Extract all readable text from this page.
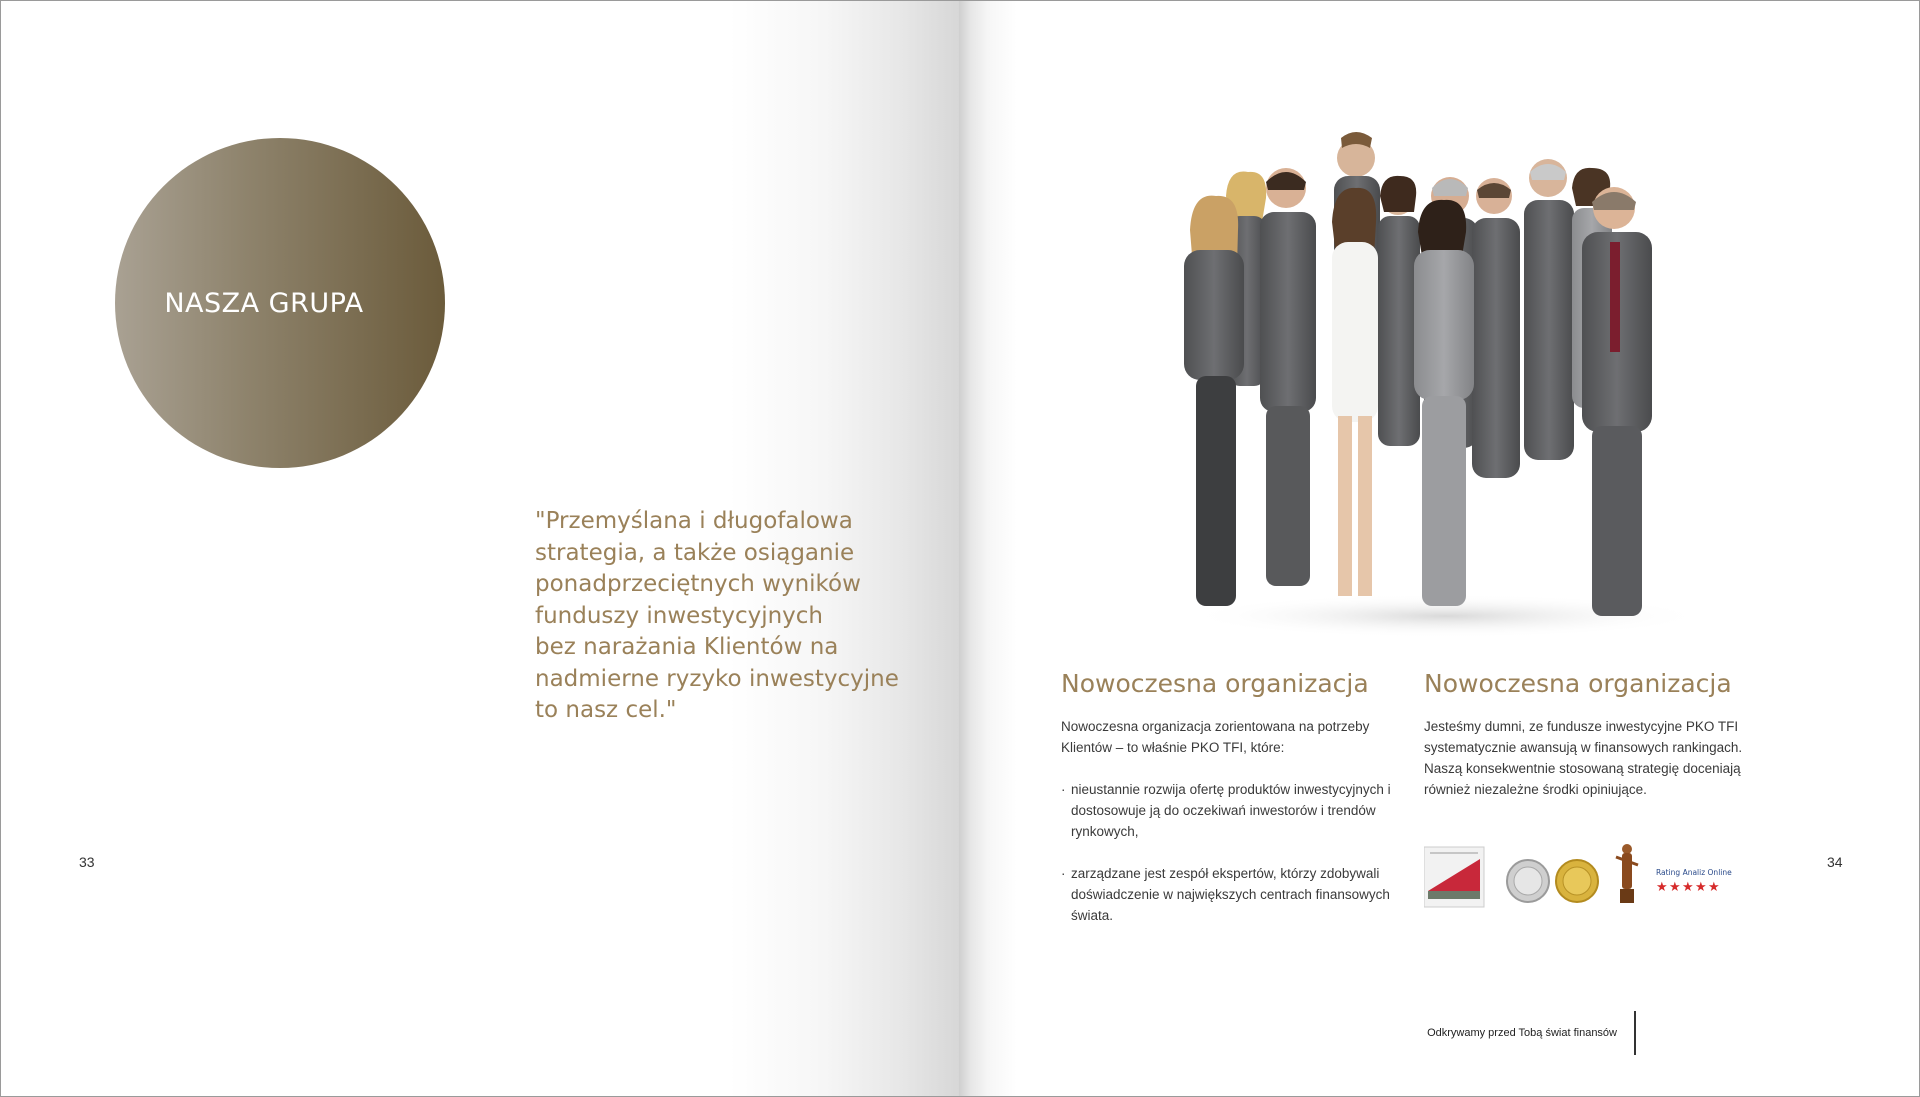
NASZA GRUPA
"Przemyślana i długofalowa
strategia, a także osiąganie
ponadprzeciętnych wyników
funduszy inwestycyjnych
bez narażania Klientów na
nadmierne ryzyko inwestycyjne
to nasz cel."
33
Nowoczesna organizacja

Nowoczesna organizacja zorientowana na potrzeby Klientów – to właśnie PKO TFI, które:

· nieustannie rozwija ofertę produktów inwestycyjnych i dostosowuje ją do oczekiwań inwestorów i trendów rynkowych,
· zarządzane jest zespół ekspertów, którzy zdobywali doświadczenie w największych centrach finansowych świata.
Nowoczesna organizacja

Jesteśmy dumni, ze fundusze inwestycyjne PKO TFI systematycznie awansują w finansowych rankingach. Naszą konsekwentnie stosowaną strategię doceniają również niezależne środki opiniujące.

Rating Analiz Online
★ ★ ★ ★ ★
34
Odkrywamy przed Tobą świat finansów
